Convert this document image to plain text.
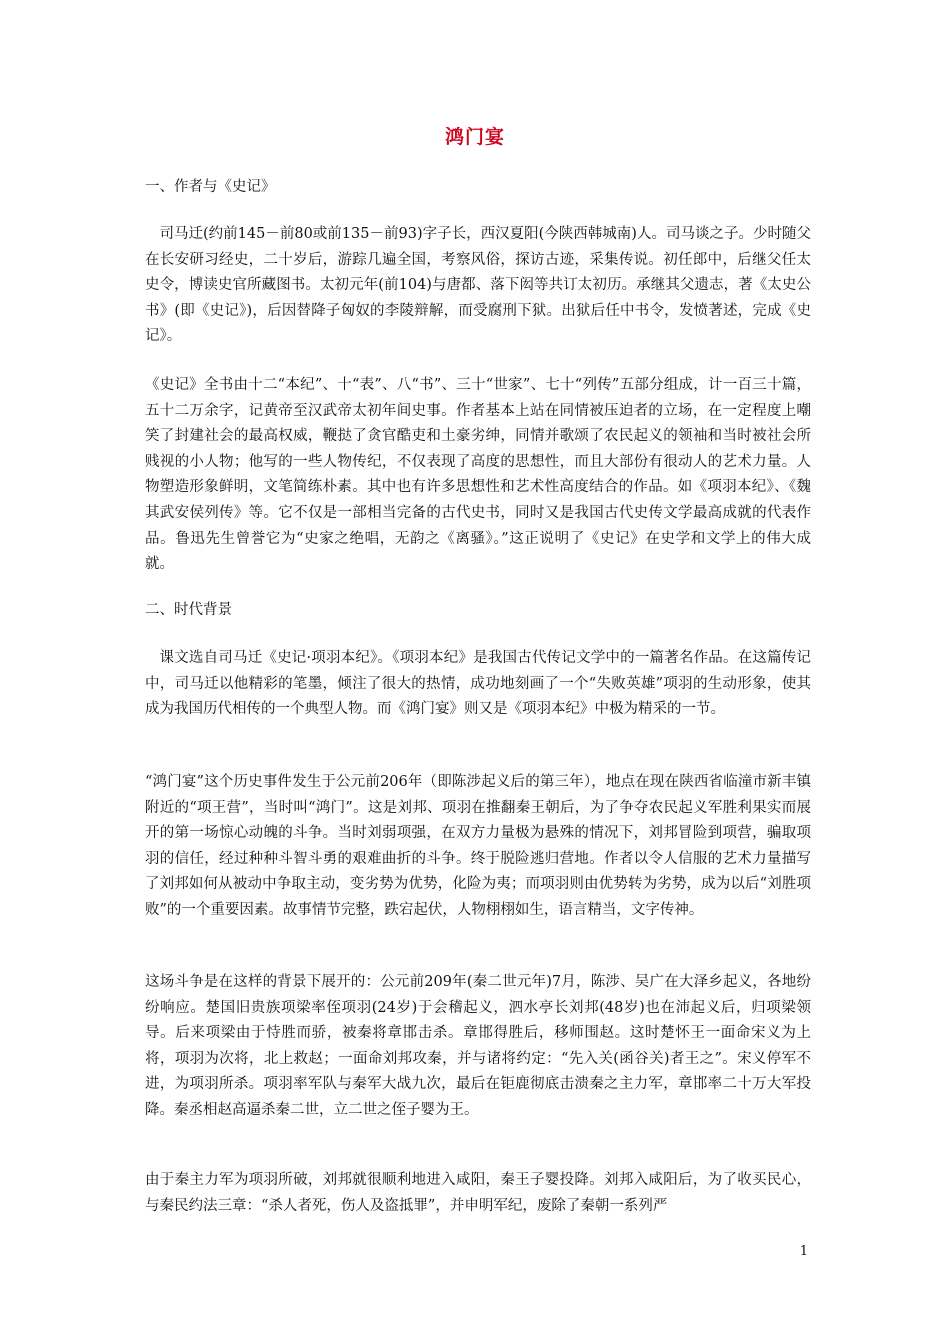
鸿门宴
一、作者与《史记》

司马迁(约前145－前80或前135－前93)字子长，西汉夏阳(今陕西韩城南)人。司马谈之子。少时随父在长安研习经史，二十岁后，游踪几遍全国，考察风俗，探访古迹，采集传说。初任郎中，后继父任太史令，博读史官所藏图书。太初元年(前104)与唐都、落下闳等共订太初历。承继其父遗志，著《太史公书》(即《史记》)，后因替降子匈奴的李陵辩解，而受腐刑下狱。出狱后任中书令，发愤著述，完成《史记》。

《史记》全书由十二“本纪”、十“表”、八“书”、三十“世家”、七十“列传”五部分组成，计一百三十篇，五十二万余字，记黄帝至汉武帝太初年间史事。作者基本上站在同情被压迫者的立场，在一定程度上嘲笑了封建社会的最高权威，鞭挞了贪官酷吏和土豪劣绅，同情并歌颂了农民起义的领袖和当时被社会所贱视的小人物；他写的一些人物传纪，不仅表现了高度的思想性，而且大部份有很动人的艺术力量。人物塑造形象鲜明，文笔简练朴素。其中也有许多思想性和艺术性高度结合的作品。如《项羽本纪》、《魏其武安侯列传》等。它不仅是一部相当完备的古代史书，同时又是我国古代史传文学最高成就的代表作品。鲁迅先生曾誉它为“史家之绝唱，无韵之《离骚》。”这正说明了《史记》在史学和文学上的伟大成就。

二、时代背景

课文选自司马迁《史记·项羽本纪》。《项羽本纪》是我国古代传记文学中的一篇著名作品。在这篇传记中，司马迁以他精彩的笔墨，倾注了很大的热情，成功地刻画了一个“失败英雄”项羽的生动形象，使其成为我国历代相传的一个典型人物。而《鸿门宴》则又是《项羽本纪》中极为精采的一节。

“鸿门宴”这个历史事件发生于公元前206年（即陈涉起义后的第三年），地点在现在陕西省临潼市新丰镇附近的“项王营”，当时叫“鸿门”。这是刘邦、项羽在推翻秦王朝后，为了争夺农民起义军胜利果实而展开的第一场惊心动魄的斗争。当时刘弱项强，在双方力量极为悬殊的情况下，刘邦冒险到项营，骗取项羽的信任，经过种种斗智斗勇的艰难曲折的斗争。终于脱险逃归营地。作者以令人信服的艺术力量描写了刘邦如何从被动中争取主动，变劣势为优势，化险为夷；而项羽则由优势转为劣势，成为以后“刘胜项败”的一个重要因素。故事情节完整，跌宕起伏，人物栩栩如生，语言精当，文字传神。

这场斗争是在这样的背景下展开的：公元前209年(秦二世元年)7月，陈涉、吴广在大泽乡起义，各地纷纷响应。楚国旧贵族项梁率侄项羽(24岁)于会稽起义，泗水亭长刘邦(48岁)也在沛起义后，归项梁领导。后来项梁由于恃胜而骄，被秦将章邯击杀。章邯得胜后，移师围赵。这时楚怀王一面命宋义为上将，项羽为次将，北上救赵；一面命刘邦攻秦，并与诸将约定：“先入关(函谷关)者王之”。宋义停军不进，为项羽所杀。项羽率军队与秦军大战九次，最后在钜鹿彻底击溃秦之主力军，章邯率二十万大军投降。秦丞相赵高逼杀秦二世，立二世之侄子婴为王。

由于秦主力军为项羽所破，刘邦就很顺利地进入咸阳，秦王子婴投降。刘邦入咸阳后，为了收买民心，与秦民约法三章：“杀人者死，伤人及盗抵罪”，并申明军纪，废除了秦朝一系列严

1
